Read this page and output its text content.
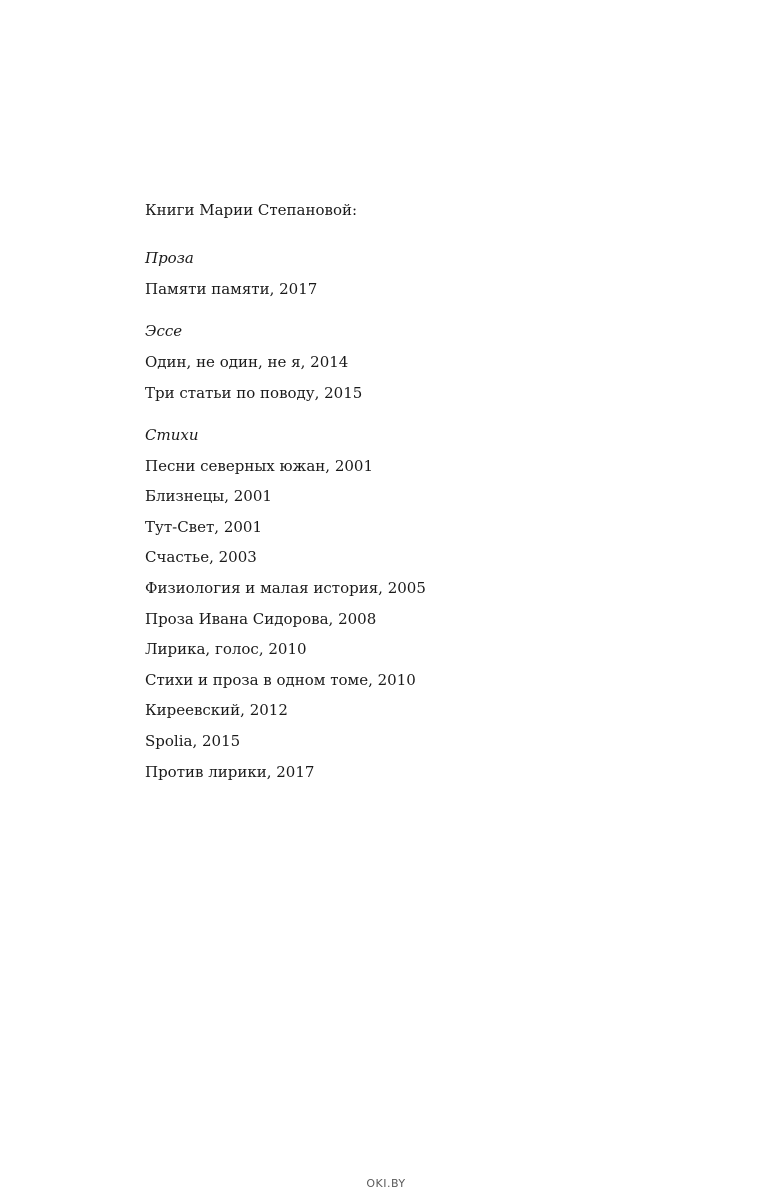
Книги Марии Степановой:
Проза
Памяти памяти, 2017
Эссе
Один, не один, не я, 2014
Три статьи по поводу, 2015
Стихи
Песни северных южан, 2001
Близнецы, 2001
Тут-Свет, 2001
Счастье, 2003
Физиология и малая история, 2005
Проза Ивана Сидорова, 2008
Лирика, голос, 2010
Стихи и проза в одном томе, 2010
Киреевский, 2012
Spolia, 2015
Против лирики, 2017
OKI.BY
